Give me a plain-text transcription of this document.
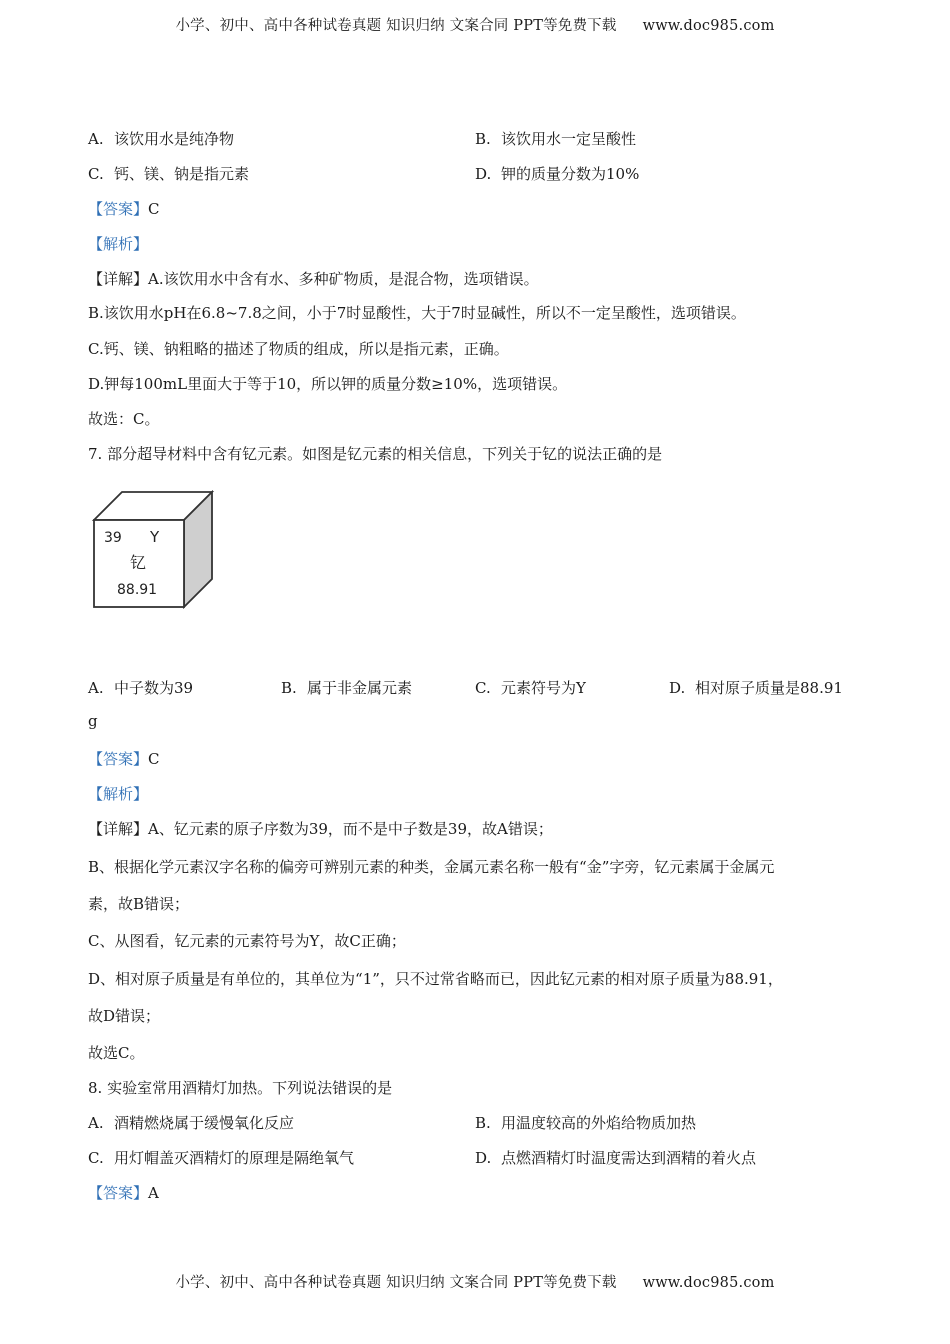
小学、初中、高中各种试卷真题 知识归纳 文案合同 PPT等免费下载 www.doc985.com
A. 该饮用水是纯净物	B. 该饮用水一定呈酸性
C. 钙、镁、钠是指元素	D. 钾的质量分数为10%
【答案】C
【解析】
【详解】A.该饮用水中含有水、多种矿物质，是混合物，选项错误。
B.该饮用水pH在6.8~7.8之间，小于7时显酸性，大于7时显碱性，所以不一定呈酸性，选项错误。
C.钙、镁、钠粗略的描述了物质的组成，所以是指元素，正确。
D.钾每100mL里面大于等于10，所以钾的质量分数≥10%，选项错误。
故选：C。
7. 部分超导材料中含有钇元素。如图是钇元素的相关信息，下列关于钇的说法正确的是
39 Y
钇
88.91
A. 中子数为39	B. 属于非金属元素	C. 元素符号为Y	D. 相对原子质量是88.91
g
【答案】C
【解析】
【详解】A、钇元素的原子序数为39，而不是中子数是39，故A错误；
B、根据化学元素汉字名称的偏旁可辨别元素的种类，金属元素名称一般有“金”字旁，钇元素属于金属元
素，故B错误；
C、从图看，钇元素的元素符号为Y，故C正确；
D、相对原子质量是有单位的，其单位为“1”，只不过常省略而已，因此钇元素的相对原子质量为88.91，
故D错误；
故选C。
8. 实验室常用酒精灯加热。下列说法错误的是
A. 酒精燃烧属于缓慢氧化反应	B. 用温度较高的外焰给物质加热
C. 用灯帽盖灭酒精灯的原理是隔绝氧气	D. 点燃酒精灯时温度需达到酒精的着火点
【答案】A
小学、初中、高中各种试卷真题 知识归纳 文案合同 PPT等免费下载 www.doc985.com
